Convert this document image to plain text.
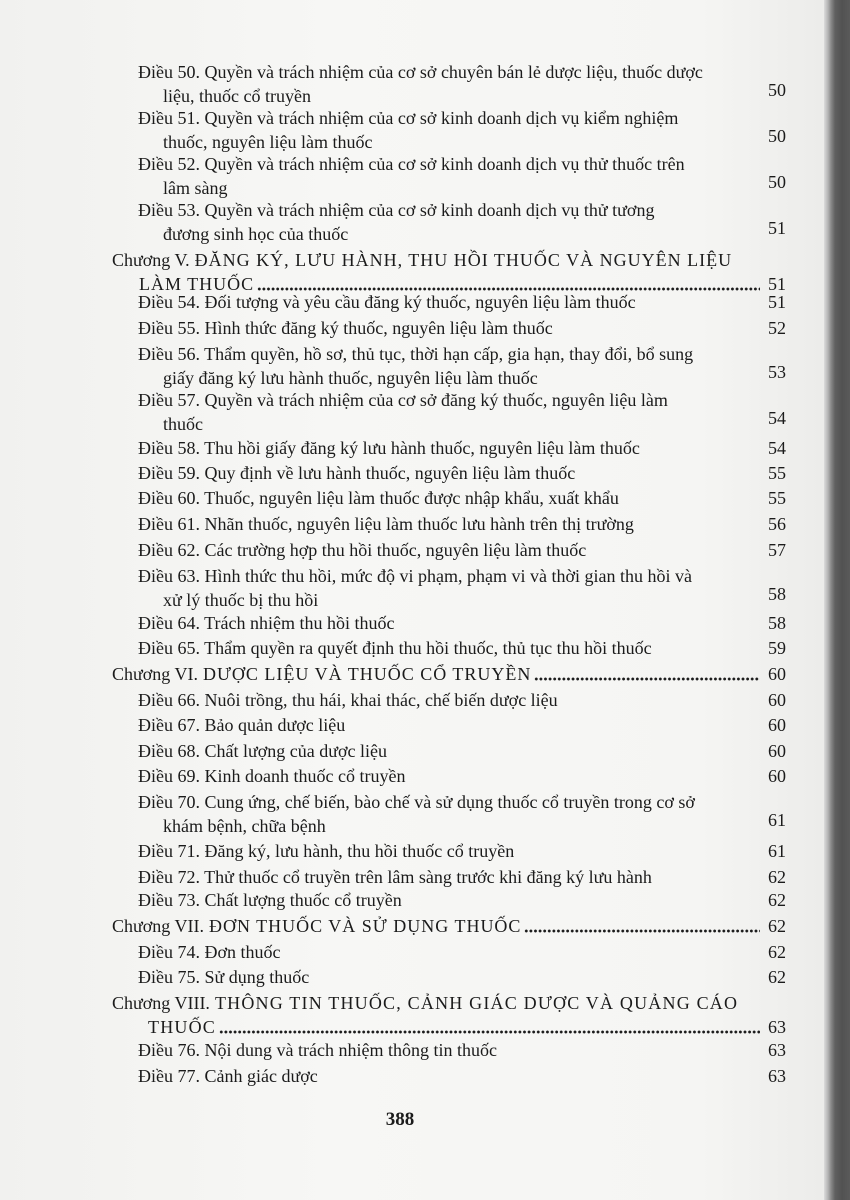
Điều 50. Quyền và trách nhiệm của cơ sở chuyên bán lẻ dược liệu, thuốc dược
liệu, thuốc cổ truyền	50
Điều 51. Quyền và trách nhiệm của cơ sở kinh doanh dịch vụ kiểm nghiệm
thuốc, nguyên liệu làm thuốc	50
Điều 52. Quyền và trách nhiệm của cơ sở kinh doanh dịch vụ thử thuốc trên
lâm sàng	50
Điều 53. Quyền và trách nhiệm của cơ sở kinh doanh dịch vụ thử tương
đương sinh học của thuốc	51
Chương V. ĐĂNG KÝ, LƯU HÀNH, THU HỒI THUỐC VÀ NGUYÊN LIỆU
LÀM THUỐC	51
Điều 54. Đối tượng và yêu cầu đăng ký thuốc, nguyên liệu làm thuốc	51
Điều 55. Hình thức đăng ký thuốc, nguyên liệu làm thuốc	52
Điều 56. Thẩm quyền, hồ sơ, thủ tục, thời hạn cấp, gia hạn, thay đổi, bổ sung
giấy đăng ký lưu hành thuốc, nguyên liệu làm thuốc	53
Điều 57. Quyền và trách nhiệm của cơ sở đăng ký thuốc, nguyên liệu làm
thuốc	54
Điều 58. Thu hồi giấy đăng ký lưu hành thuốc, nguyên liệu làm thuốc	54
Điều 59. Quy định về lưu hành thuốc, nguyên liệu làm thuốc	55
Điều 60. Thuốc, nguyên liệu làm thuốc được nhập khẩu, xuất khẩu	55
Điều 61. Nhãn thuốc, nguyên liệu làm thuốc lưu hành trên thị trường	56
Điều 62. Các trường hợp thu hồi thuốc, nguyên liệu làm thuốc	57
Điều 63. Hình thức thu hồi, mức độ vi phạm, phạm vi và thời gian thu hồi và
xử lý thuốc bị thu hồi	58
Điều 64. Trách nhiệm thu hồi thuốc	58
Điều 65. Thẩm quyền ra quyết định thu hồi thuốc, thủ tục thu hồi thuốc	59
Chương VI. DƯỢC LIỆU VÀ THUỐC CỔ TRUYỀN	60
Điều 66. Nuôi trồng, thu hái, khai thác, chế biến dược liệu	60
Điều 67. Bảo quản dược liệu	60
Điều 68. Chất lượng của dược liệu	60
Điều 69. Kinh doanh thuốc cổ truyền	60
Điều 70. Cung ứng, chế biến, bào chế và sử dụng thuốc cổ truyền trong cơ sở
khám bệnh, chữa bệnh	61
Điều 71. Đăng ký, lưu hành, thu hồi thuốc cổ truyền	61
Điều 72. Thử thuốc cổ truyền trên lâm sàng trước khi đăng ký lưu hành	62
Điều 73. Chất lượng thuốc cổ truyền	62
Chương VII. ĐƠN THUỐC VÀ SỬ DỤNG THUỐC	62
Điều 74. Đơn thuốc	62
Điều 75. Sử dụng thuốc	62
Chương VIII. THÔNG TIN THUỐC, CẢNH GIÁC DƯỢC VÀ QUẢNG CÁO
THUỐC	63
Điều 76. Nội dung và trách nhiệm thông tin thuốc	63
Điều 77. Cảnh giác dược	63
388
